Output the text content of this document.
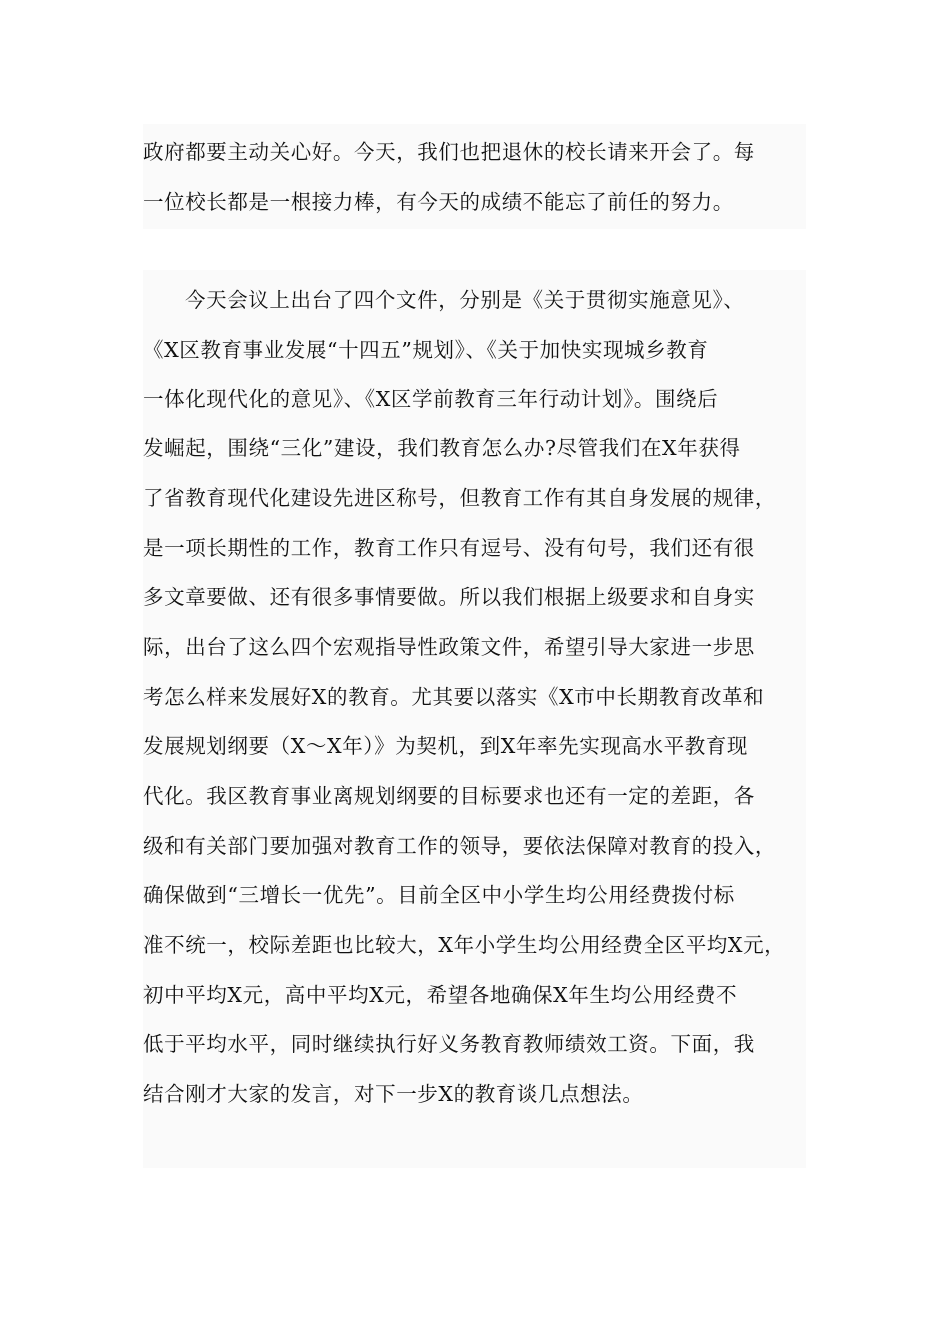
政府都要主动关心好。今天，我们也把退休的校长请来开会了。每
一位校长都是一根接力棒，有今天的成绩不能忘了前任的努力。
今天会议上出台了四个文件，分别是《关于贯彻实施意见》、
《X区教育事业发展“十四五”规划》、《关于加快实现城乡教育
一体化现代化的意见》、《X区学前教育三年行动计划》。围绕后
发崛起，围绕“三化”建设，我们教育怎么办?尽管我们在X年获得
了省教育现代化建设先进区称号，但教育工作有其自身发展的规律，
是一项长期性的工作，教育工作只有逗号、没有句号，我们还有很
多文章要做、还有很多事情要做。所以我们根据上级要求和自身实
际，出台了这么四个宏观指导性政策文件，希望引导大家进一步思
考怎么样来发展好X的教育。尤其要以落实《X市中长期教育改革和
发展规划纲要（X～X年）》为契机，到X年率先实现高水平教育现
代化。我区教育事业离规划纲要的目标要求也还有一定的差距，各
级和有关部门要加强对教育工作的领导，要依法保障对教育的投入，
确保做到“三增长一优先”。目前全区中小学生均公用经费拨付标
准不统一，校际差距也比较大，X年小学生均公用经费全区平均X元，
初中平均X元，高中平均X元，希望各地确保X年生均公用经费不
低于平均水平，同时继续执行好义务教育教师绩效工资。下面，我
结合刚才大家的发言，对下一步X的教育谈几点想法。
